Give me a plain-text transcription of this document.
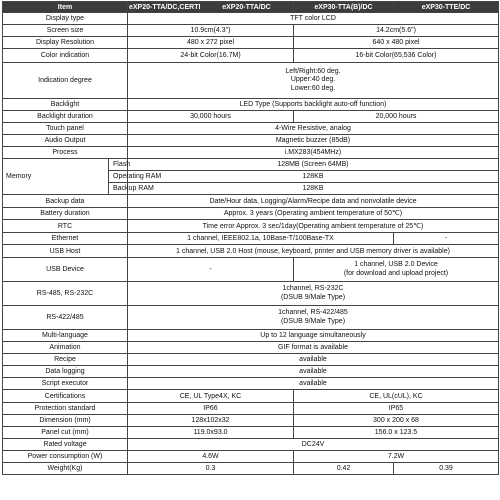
Item		eXP20-TTA/DC,CERTI	eXP20-TTA/DC	eXP30-TTA(B)/DC	eXP30-TTE/DC
Display type		TFT color LCD			
Screen size		10.9cm(4.3")		14.2cm(5.6")	
Display Resolution		480 x 272 pixel		640 x 480 pixel	
Color indication		24-bit Color(16.7M)		16-bit Color(65,536 Color)	
Indication degree		Left/Right:60 deg.
Upper:40 deg.
Lower:60 deg.			

Backlight		LED Type (Supports backlight auto-off function)			
Backlight duration		30,000 hours		20,000 hours	
Touch panel		4-Wire Resistive, analog			
Audio Output		Magnetic buzzer (85dB)			
Process		i.MX283(454MHz)			
Memory	Flash	128MB (Screen 64MB)			
	Operating RAM	128KB			
	Backup RAM	128KB			
Backup data		Date/Hour data, Logging/Alarm/Recipe data and nonvolatile device			
Battery duration		Approx. 3 years (Operating ambient temperature of 50℃)			
RTC		Time error Approx. 3 sec/1day(Operating ambient temperature of 25℃)			
Ethernet		1 channel, IEEE802.1a, 10Base-T/100Base-TX			-
USB Host		1 channel, USB 2.0 Host (mouse, keyboard, printer and USB memory driver is available)			
USB Device		-		1 channel, USB 2.0 Device
(for download and upload project)	

RS-485, RS-232C		1channel, RS-232C
(DSUB 9/Male Type)			

RS-422/485		1channel, RS-422/485
(DSUB 9/Male Type)			

Multi-language		Up to 12 language simultaneously			
Animation		GIF format is available			
Recipe		available			
Data logging		available			
Script executor		available			
Certifications		CE, UL Type4X, KC		CE, UL(cUL), KC	
Protection standard		IP66		IP65	
Dimension (mm)		128x102x32		300 x 200 x 68	
Panel cut (mm)		119.0x93.0		156.0 x 123.5	
Rated voltage		DC24V			
Power consumption (W)		4.6W		7.2W	
Weight(Kg)		0.3		0.42	0.39
